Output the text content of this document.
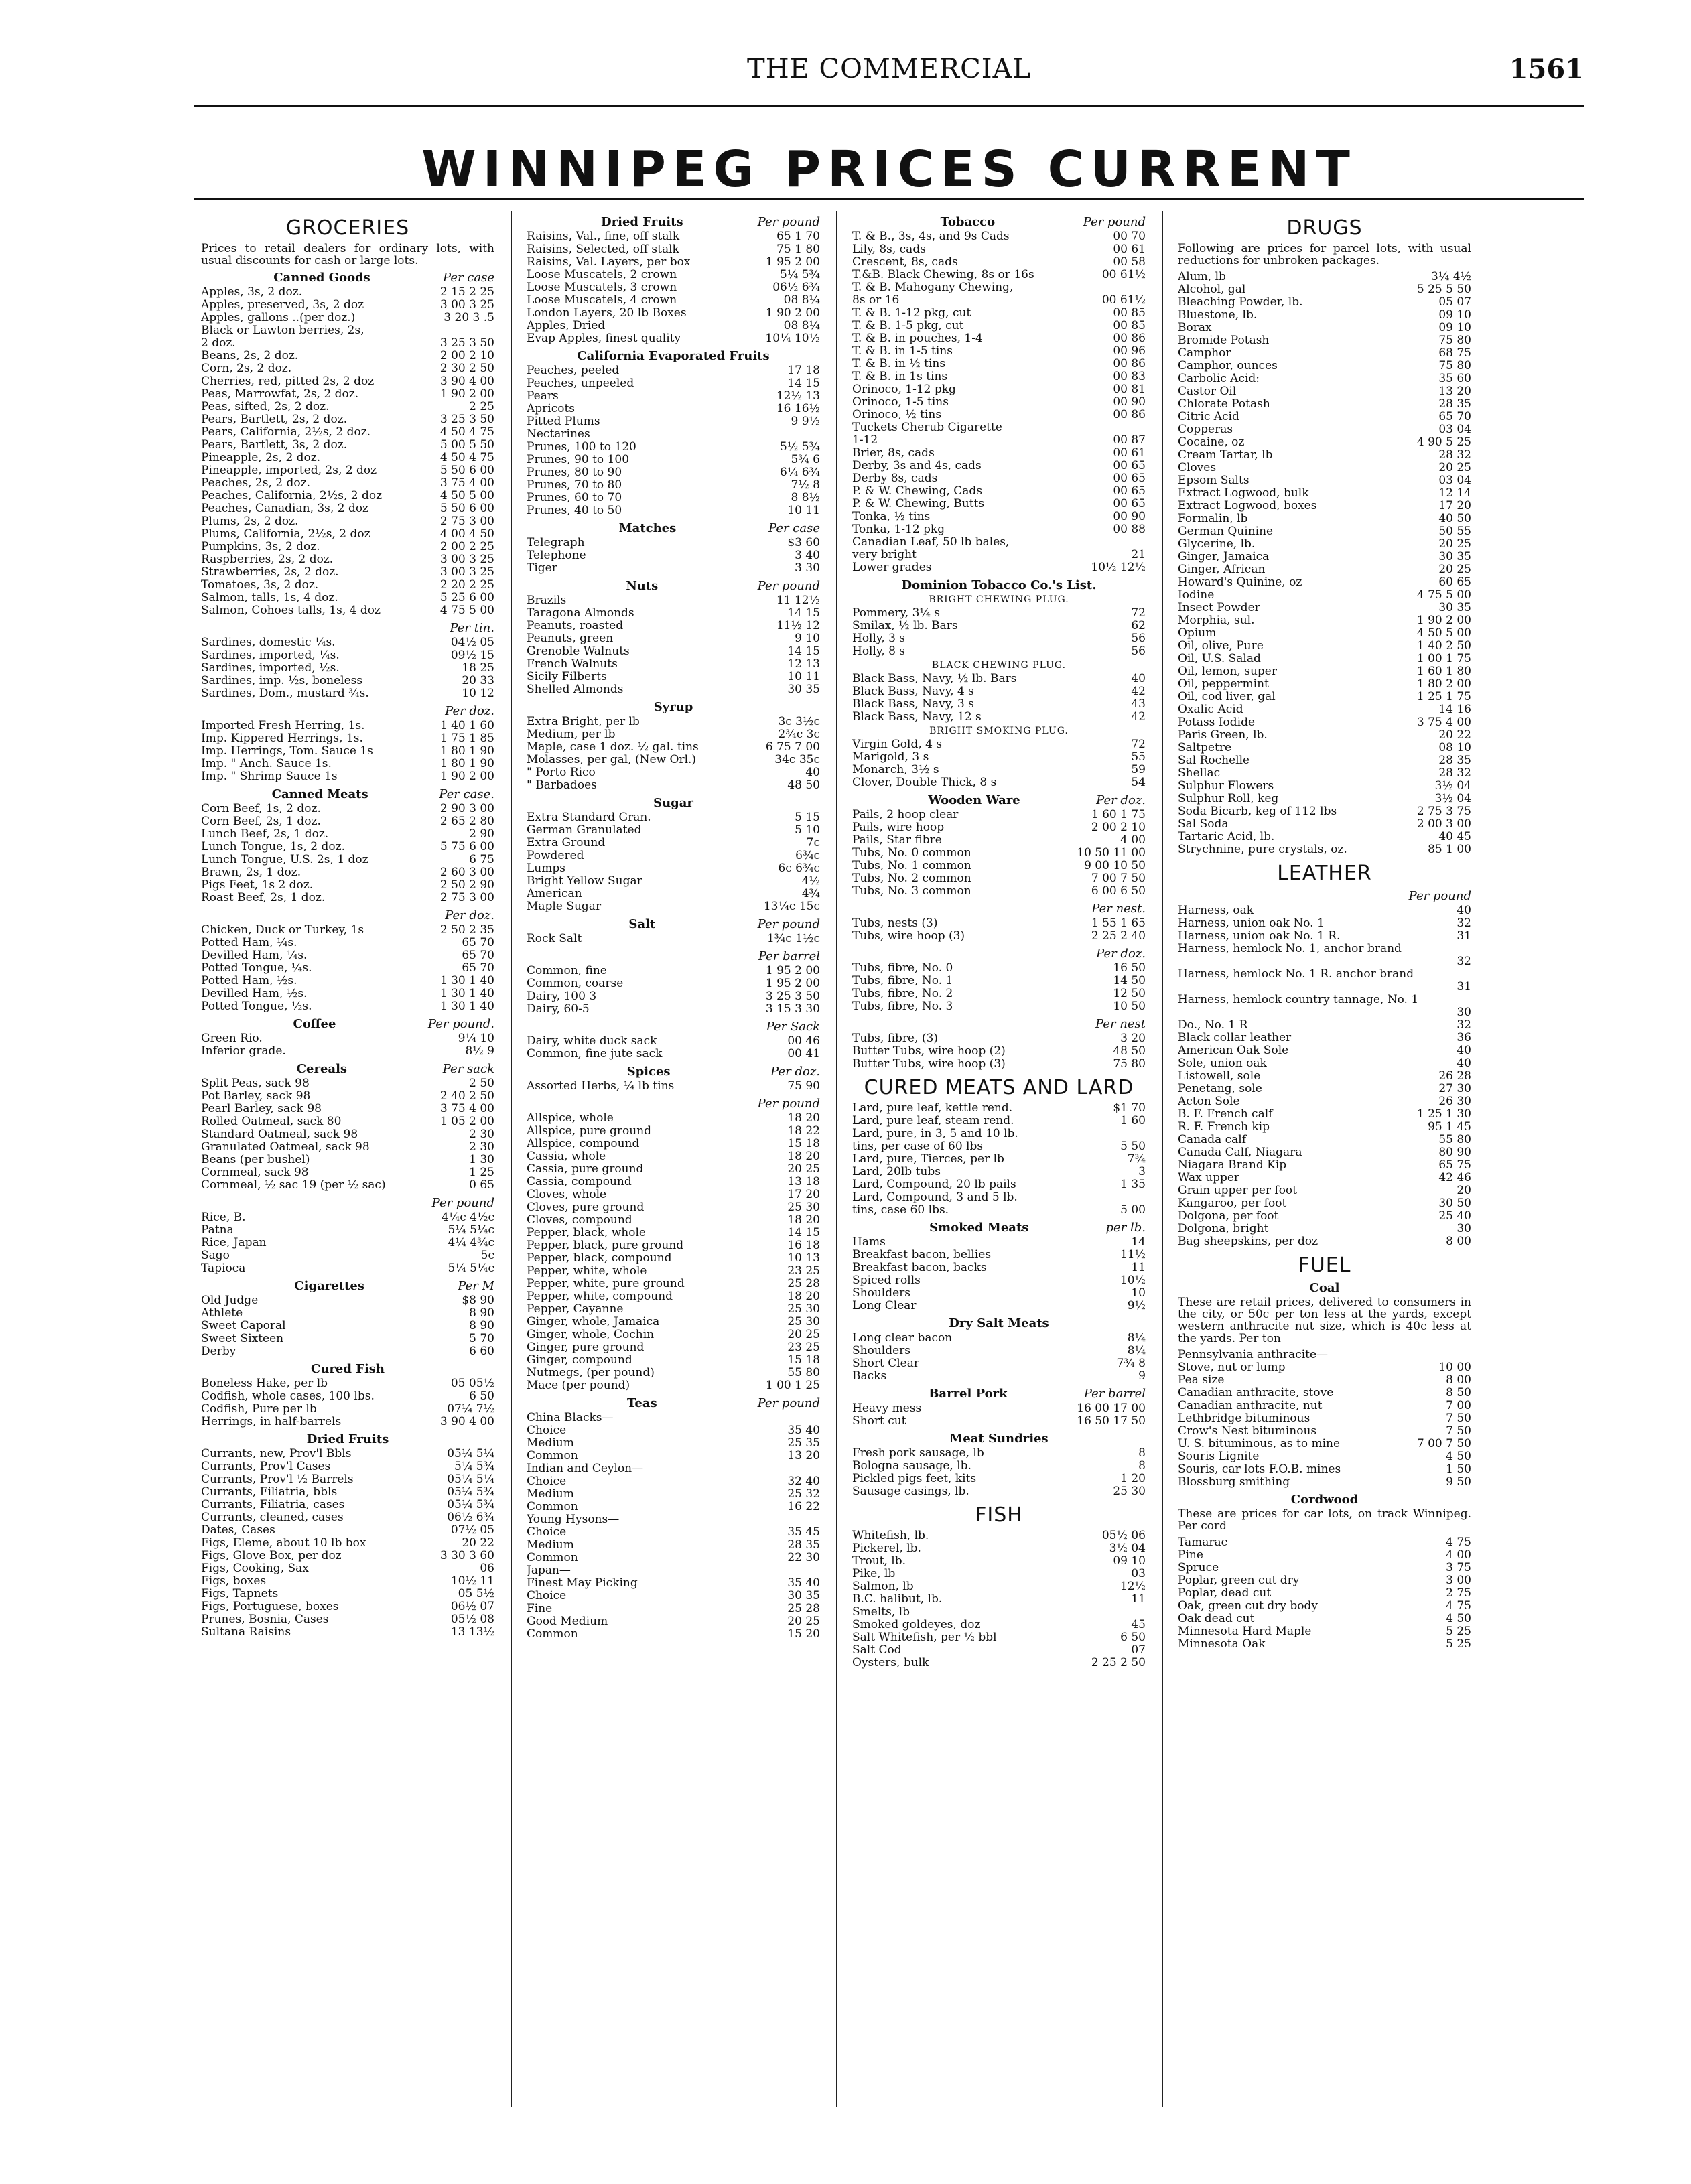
THE COMMERCIAL	1561
WINNIPEG PRICES CURRENT
GROCERIES
Prices to retail dealers for ordinary lots, with usual discounts for cash or large lots.
Canned Goods	Per case
Apples, 3s, 2 doz.	2 15 2 25
Apples, preserved, 3s, 2 doz	3 00 3 25
Apples, gallons ..(per doz.)	3 20 3 .5
Black or Lawton berries, 2s,
2 doz.	3 25 3 50
Beans, 2s, 2 doz.	2 00 2 10
Corn, 2s, 2 doz.	2 30 2 50
Cherries, red, pitted 2s, 2 doz	3 90 4 00
Peas, Marrowfat, 2s, 2 doz.	1 90 2 00
Peas, sifted, 2s, 2 doz.	2 25
Pears, Bartlett, 2s, 2 doz.	3 25 3 50
Pears, California, 2½s, 2 doz.	4 50 4 75
Pears, Bartlett, 3s, 2 doz.	5 00 5 50
Pineapple, 2s, 2 doz.	4 50 4 75
Pineapple, imported, 2s, 2 doz	5 50 6 00
Peaches, 2s, 2 doz.	3 75 4 00
Peaches, California, 2½s, 2 doz	4 50 5 00
Peaches, Canadian, 3s, 2 doz	5 50 6 00
Plums, 2s, 2 doz.	2 75 3 00
Plums, California, 2½s, 2 doz	4 00 4 50
Pumpkins, 3s, 2 doz.	2 00 2 25
Raspberries, 2s, 2 doz.	3 00 3 25
Strawberries, 2s, 2 doz.	3 00 3 25
Tomatoes, 3s, 2 doz.	2 20 2 25
Salmon, talls, 1s, 4 doz.	5 25 6 00
Salmon, Cohoes talls, 1s, 4 doz	4 75 5 00
Per tin.
Sardines, domestic ¼s.	04½ 05
Sardines, imported, ¼s.	09½ 15
Sardines, imported, ½s.	18 25
Sardines, imp. ½s, boneless	20 33
Sardines, Dom., mustard ¾s.	10 12
Per doz.
Imported Fresh Herring, 1s.	1 40 1 60
Imp. Kippered Herrings, 1s.	1 75 1 85
Imp. Herrings, Tom. Sauce 1s	1 80 1 90
Imp. " Anch. Sauce 1s.	1 80 1 90
Imp. " Shrimp Sauce 1s	1 90 2 00
Canned Meats	Per case.
Corn Beef, 1s, 2 doz.	2 90 3 00
Corn Beef, 2s, 1 doz.	2 65 2 80
Lunch Beef, 2s, 1 doz.	2 90
Lunch Tongue, 1s, 2 doz.	5 75 6 00
Lunch Tongue, U.S. 2s, 1 doz	6 75
Brawn, 2s, 1 doz.	2 60 3 00
Pigs Feet, 1s 2 doz.	2 50 2 90
Roast Beef, 2s, 1 doz.	2 75 3 00
Per doz.
Chicken, Duck or Turkey, 1s	2 50 2 35
Potted Ham, ¼s.	65 70
Devilled Ham, ¼s.	65 70
Potted Tongue, ¼s.	65 70
Potted Ham, ½s.	1 30 1 40
Devilled Ham, ½s.	1 30 1 40
Potted Tongue, ½s.	1 30 1 40
Coffee	Per pound.
Green Rio.	9¼ 10
Inferior grade.	8½ 9
Cereals	Per sack
Split Peas, sack 98	2 50
Pot Barley, sack 98	2 40 2 50
Pearl Barley, sack 98	3 75 4 00
Rolled Oatmeal, sack 80	1 05 2 00
Standard Oatmeal, sack 98	2 30
Granulated Oatmeal, sack 98	2 30
Beans (per bushel)	1 30
Cornmeal, sack 98	1 25
Cornmeal, ½ sac 19 (per ½ sac)	0 65
Per pound
Rice, B.	4¼c 4½c
Patna	5¼ 5¼c
Rice, Japan	4¼ 4¾c
Sago	5c
Tapioca	5¼ 5¼c
Cigarettes	Per M
Old Judge	$8 90
Athlete	8 90
Sweet Caporal	8 90
Sweet Sixteen	5 70
Derby	6 60
Cured Fish
Boneless Hake, per lb	05 05½
Codfish, whole cases, 100 lbs.	6 50
Codfish, Pure per lb	07¼ 7½
Herrings, in half-barrels	3 90 4 00
Dried Fruits
Currants, new, Prov'l Bbls	05¼ 5¼
Currants, Prov'l Cases	5¼ 5¾
Currants, Prov'l ½ Barrels	05¼ 5¼
Currants, Filiatria, bbls	05¼ 5¾
Currants, Filiatria, cases	05¼ 5¾
Currants, cleaned, cases	06½ 6¾
Dates, Cases	07½ 05
Figs, Eleme, about 10 lb box	20 22
Figs, Glove Box, per doz	3 30 3 60
Figs, Cooking, Sax	06
Figs, boxes	10½ 11
Figs, Tapnets	05 5½
Figs, Portuguese, boxes	06½ 07
Prunes, Bosnia, Cases	05½ 08
Sultana Raisins	13 13½
Dried Fruits	Per pound
Raisins, Val., fine, off stalk	65 1 70
Raisins, Selected, off stalk	75 1 80
Raisins, Val. Layers, per box	1 95 2 00
Loose Muscatels, 2 crown	5¼ 5¾
Loose Muscatels, 3 crown	06½ 6¾
Loose Muscatels, 4 crown	08 8¼
London Layers, 20 lb Boxes	1 90 2 00
Apples, Dried	08 8¼
Evap Apples, finest quality	10¼ 10½
California Evaporated Fruits
Peaches, peeled	17 18
Peaches, unpeeled	14 15
Pears	12½ 13
Apricots	16 16½
Pitted Plums	9 9½
Nectarines
Prunes, 100 to 120	5½ 5¾
Prunes, 90 to 100	5¾ 6
Prunes, 80 to 90	6¼ 6¾
Prunes, 70 to 80	7½ 8
Prunes, 60 to 70	8 8½
Prunes, 40 to 50	10 11
Matches	Per case
Telegraph	$3 60
Telephone	3 40
Tiger	3 30
Nuts	Per pound
Brazils	11 12½
Taragona Almonds	14 15
Peanuts, roasted	11½ 12
Peanuts, green	9 10
Grenoble Walnuts	14 15
French Walnuts	12 13
Sicily Filberts	10 11
Shelled Almonds	30 35
Syrup
Extra Bright, per lb	3c 3½c
Medium, per lb	2¾c 3c
Maple, case 1 doz. ½ gal. tins	6 75 7 00
Molasses, per gal, (New Orl.)	34c 35c
" Porto Rico	40
" Barbadoes	48 50
Sugar
Extra Standard Gran.	5 15
German Granulated	5 10
Extra Ground	7c
Powdered	6¾c
Lumps	6c 6¾c
Bright Yellow Sugar	4½
American	4¾
Maple Sugar	13¼c 15c
Salt	Per pound
Rock Salt	1¾c 1½c
Per barrel
Common, fine	1 95 2 00
Common, coarse	1 95 2 00
Dairy, 100 3	3 25 3 50
Dairy, 60-5	3 15 3 30
Per Sack
Dairy, white duck sack	00 46
Common, fine jute sack	00 41
Spices	Per doz.
Assorted Herbs, ¼ lb tins	75 90
Per pound
Allspice, whole	18 20
Allspice, pure ground	18 22
Allspice, compound	15 18
Cassia, whole	18 20
Cassia, pure ground	20 25
Cassia, compound	13 18
Cloves, whole	17 20
Cloves, pure ground	25 30
Cloves, compound	18 20
Pepper, black, whole	14 15
Pepper, black, pure ground	16 18
Pepper, black, compound	10 13
Pepper, white, whole	23 25
Pepper, white, pure ground	25 28
Pepper, white, compound	18 20
Pepper, Cayanne	25 30
Ginger, whole, Jamaica	25 30
Ginger, whole, Cochin	20 25
Ginger, pure ground	23 25
Ginger, compound	15 18
Nutmegs, (per pound)	55 80
Mace (per pound)	1 00 1 25
Teas	Per pound
China Blacks—
Choice	35 40
Medium	25 35
Common	13 20
Indian and Ceylon—
Choice	32 40
Medium	25 32
Common	16 22
Young Hysons—
Choice	35 45
Medium	28 35
Common	22 30
Japan—
Finest May Picking	35 40
Choice	30 35
Fine	25 28
Good Medium	20 25
Common	15 20
Tobacco	Per pound
T. & B., 3s, 4s, and 9s Cads	00 70
Lily, 8s, cads	00 61
Crescent, 8s, cads	00 58
T.&B. Black Chewing, 8s or 16s	00 61½
T. & B. Mahogany Chewing,
8s or 16	00 61½
T. & B. 1-12 pkg, cut	00 85
T. & B. 1-5 pkg, cut	00 85
T. & B. in pouches, 1-4	00 86
T. & B. in 1-5 tins	00 96
T. & B. in ½ tins	00 86
T. & B. in 1s tins	00 83
Orinoco, 1-12 pkg	00 81
Orinoco, 1-5 tins	00 90
Orinoco, ½ tins	00 86
Tuckets Cherub Cigarette
1-12	00 87
Brier, 8s, cads	00 61
Derby, 3s and 4s, cads	00 65
Derby 8s, cads	00 65
P. & W. Chewing, Cads	00 65
P. & W. Chewing, Butts	00 65
Tonka, ½ tins	00 90
Tonka, 1-12 pkg	00 88
Canadian Leaf, 50 lb bales,
very bright	21
Lower grades	10½ 12½
Dominion Tobacco Co.'s List.
BRIGHT CHEWING PLUG.
Pommery, 3¼ s	72
Smilax, ½ lb. Bars	62
Holly, 3 s	56
Holly, 8 s	56
BLACK CHEWING PLUG.
Black Bass, Navy, ½ lb. Bars	40
Black Bass, Navy, 4 s	42
Black Bass, Navy, 3 s	43
Black Bass, Navy, 12 s	42
BRIGHT SMOKING PLUG.
Virgin Gold, 4 s	72
Marigold, 3 s	55
Monarch, 3½ s	59
Clover, Double Thick, 8 s	54
Wooden Ware	Per doz.
Pails, 2 hoop clear	1 60 1 75
Pails, wire hoop	2 00 2 10
Pails, Star fibre	4 00
Tubs, No. 0 common	10 50 11 00
Tubs, No. 1 common	9 00 10 50
Tubs, No. 2 common	7 00 7 50
Tubs, No. 3 common	6 00 6 50
Per nest.
Tubs, nests (3)	1 55 1 65
Tubs, wire hoop (3)	2 25 2 40
Per doz.
Tubs, fibre, No. 0	16 50
Tubs, fibre, No. 1	14 50
Tubs, fibre, No. 2	12 50
Tubs, fibre, No. 3	10 50
Per nest
Tubs, fibre, (3)	3 20
Butter Tubs, wire hoop (2)	48 50
Butter Tubs, wire hoop (3)	75 80
CURED MEATS AND LARD
Lard, pure leaf, kettle rend.	$1 70
Lard, pure leaf, steam rend.	1 60
Lard, pure, in 3, 5 and 10 lb.
tins, per case of 60 lbs	5 50
Lard, pure, Tierces, per lb	7¾
Lard, 20lb tubs	3
Lard, Compound, 20 lb pails	1 35
Lard, Compound, 3 and 5 lb.
tins, case 60 lbs.	5 00
Smoked Meats	per lb.
Hams	14
Breakfast bacon, bellies	11½
Breakfast bacon, backs	11
Spiced rolls	10½
Shoulders	10
Long Clear	9½
Dry Salt Meats
Long clear bacon	8¼
Shoulders	8¼
Short Clear	7¾ 8
Backs	9
Barrel Pork	Per barrel
Heavy mess	16 00 17 00
Short cut	16 50 17 50
Meat Sundries
Fresh pork sausage, lb	8
Bologna sausage, lb.	8
Pickled pigs feet, kits	1 20
Sausage casings, lb.	25 30
FISH
Whitefish, lb.	05½ 06
Pickerel, lb.	3½ 04
Trout, lb.	09 10
Pike, lb	03
Salmon, lb	12½
B.C. halibut, lb.	11
Smelts, lb
Smoked goldeyes, doz	45
Salt Whitefish, per ½ bbl	6 50
Salt Cod	07
Oysters, bulk	2 25 2 50
DRUGS
Following are prices for parcel lots, with usual reductions for unbroken packages.
Alum, lb	3¼ 4½
Alcohol, gal	5 25 5 50
Bleaching Powder, lb.	05 07
Bluestone, lb.	09 10
Borax	09 10
Bromide Potash	75 80
Camphor	68 75
Camphor, ounces	75 80
Carbolic Acid:	35 60
Castor Oil	13 20
Chlorate Potash	28 35
Citric Acid	65 70
Copperas	03 04
Cocaine, oz	4 90 5 25
Cream Tartar, lb	28 32
Cloves	20 25
Epsom Salts	03 04
Extract Logwood, bulk	12 14
Extract Logwood, boxes	17 20
Formalin, lb	40 50
German Quinine	50 55
Glycerine, lb.	20 25
Ginger, Jamaica	30 35
Ginger, African	20 25
Howard's Quinine, oz	60 65
Iodine	4 75 5 00
Insect Powder	30 35
Morphia, sul.	1 90 2 00
Opium	4 50 5 00
Oil, olive, Pure	1 40 2 50
Oil, U.S. Salad	1 00 1 75
Oil, lemon, super	1 60 1 80
Oil, peppermint	1 80 2 00
Oil, cod liver, gal	1 25 1 75
Oxalic Acid	14 16
Potass Iodide	3 75 4 00
Paris Green, lb.	20 22
Saltpetre	08 10
Sal Rochelle	28 35
Shellac	28 32
Sulphur Flowers	3½ 04
Sulphur Roll, keg	3½ 04
Soda Bicarb, keg of 112 lbs	2 75 3 75
Sal Soda	2 00 3 00
Tartaric Acid, lb.	40 45
Strychnine, pure crystals, oz.	85 1 00
LEATHER
Per pound
Harness, oak	40
Harness, union oak No. 1	32
Harness, union oak No. 1 R.	31
Harness, hemlock No. 1, anchor brand
32
Harness, hemlock No. 1 R. anchor brand
31
Harness, hemlock country tannage, No. 1
30
Do., No. 1 R	32
Black collar leather	36
American Oak Sole	40
Sole, union oak	40
Listowell, sole	26 28
Penetang, sole	27 30
Acton Sole	26 30
B. F. French calf	1 25 1 30
R. F. French kip	95 1 45
Canada calf	55 80
Canada Calf, Niagara	80 90
Niagara Brand Kip	65 75
Wax upper	42 46
Grain upper per foot	20
Kangaroo, per foot	30 50
Dolgona, per foot	25 40
Dolgona, bright	30
Bag sheepskins, per doz	8 00
FUEL
Coal
These are retail prices, delivered to consumers in the city, or 50c per ton less at the yards, except western anthracite nut size, which is 40c less at the yards. Per ton
Pennsylvania anthracite—
Stove, nut or lump	10 00
Pea size	8 00
Canadian anthracite, stove	8 50
Canadian anthracite, nut	7 00
Lethbridge bituminous	7 50
Crow's Nest bituminous	7 50
U. S. bituminous, as to mine	7 00 7 50
Souris Lignite	4 50
Souris, car lots F.O.B. mines	1 50
Blossburg smithing	9 50
Cordwood
These are prices for car lots, on track Winnipeg. Per cord
Tamarac	4 75
Pine	4 00
Spruce	3 75
Poplar, green cut dry	3 00
Poplar, dead cut	2 75
Oak, green cut dry body	4 75
Oak dead cut	4 50
Minnesota Hard Maple	5 25
Minnesota Oak	5 25
